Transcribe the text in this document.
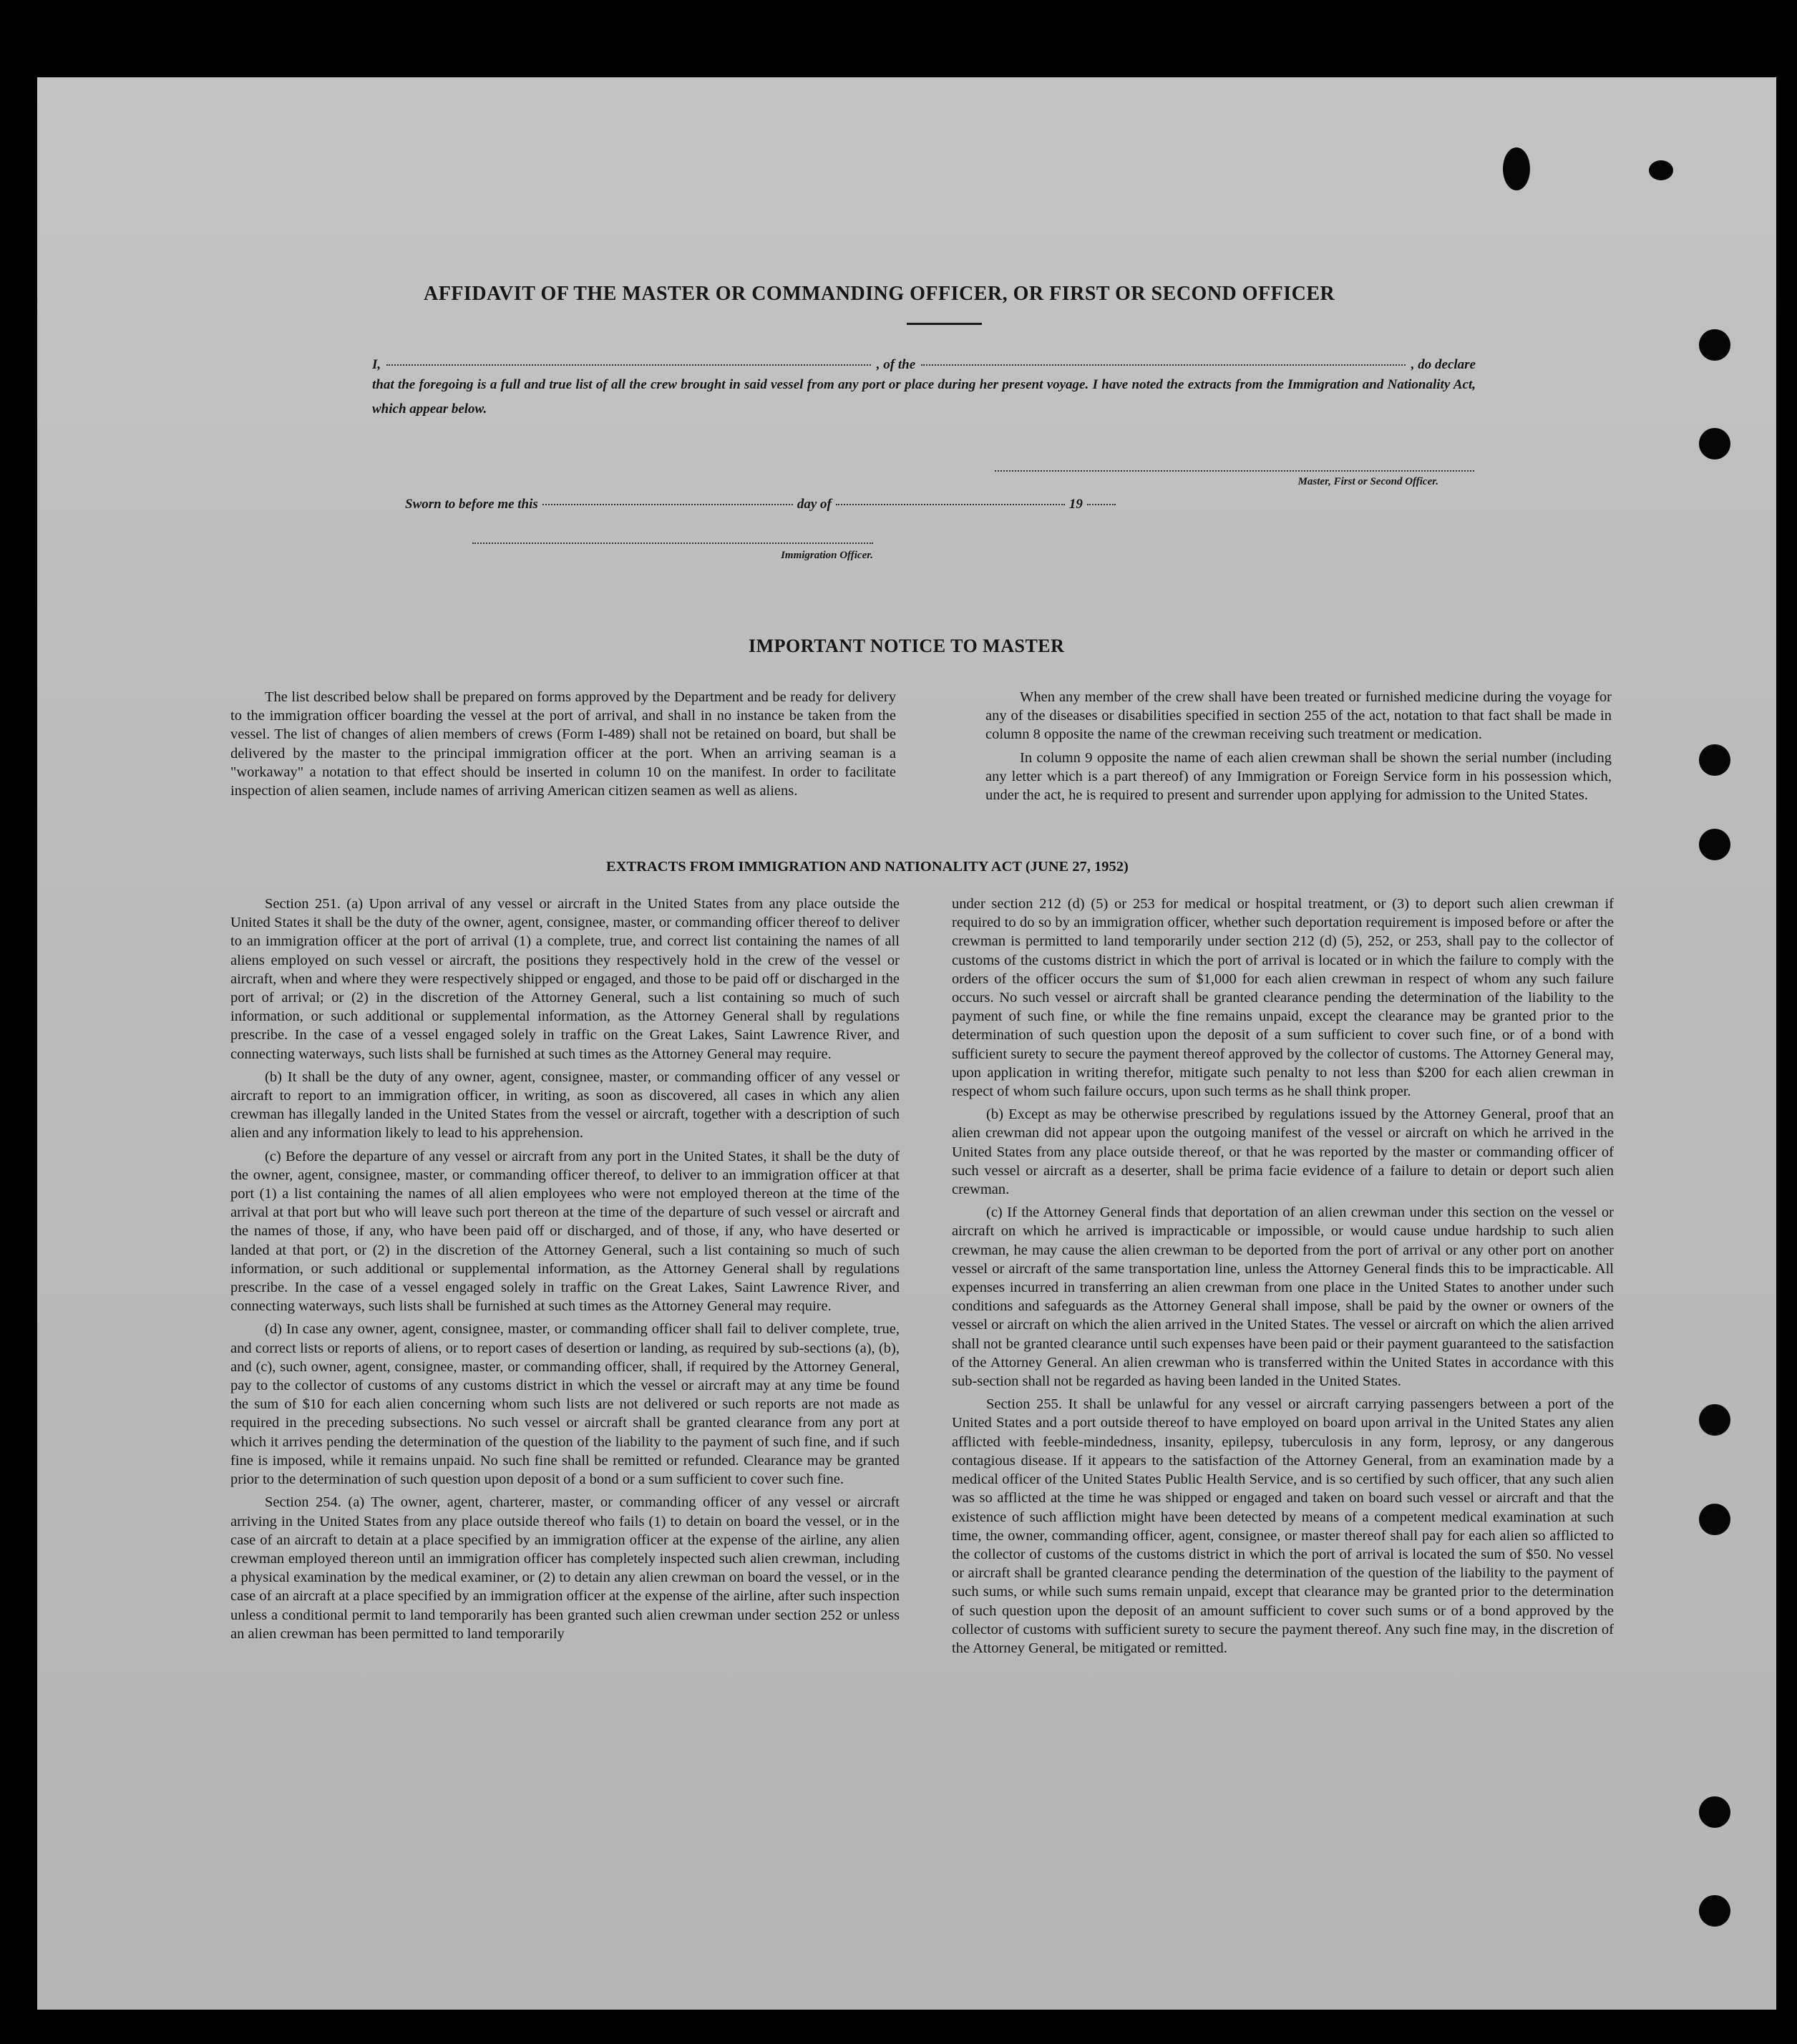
AFFIDAVIT OF THE MASTER OR COMMANDING OFFICER, OR FIRST OR SECOND OFFICER
I,	, of the	, do declare

that the foregoing is a full and true list of all the crew brought in said vessel from any port or place during her present voyage. I have noted the extracts from the Immigration and Nationality Act, which appear below.

Master, First or Second Officer.
Sworn to before me this	day of	19
Immigration Officer.
IMPORTANT NOTICE TO MASTER

The list described below shall be prepared on forms approved by the Department and be ready for delivery to the immigration officer boarding the vessel at the port of arrival, and shall in no instance be taken from the vessel. The list of changes of alien members of crews (Form I-489) shall not be retained on board, but shall be delivered by the master to the principal immigration officer at the port. When an arriving seaman is a "workaway" a notation to that effect should be inserted in column 10 on the manifest. In order to facilitate inspection of alien seamen, include names of arriving American citizen seamen as well as aliens.

When any member of the crew shall have been treated or furnished medicine during the voyage for any of the diseases or disabilities specified in section 255 of the act, notation to that fact shall be made in column 8 opposite the name of the crewman receiving such treatment or medication.

In column 9 opposite the name of each alien crewman shall be shown the serial number (including any letter which is a part thereof) of any Immigration or Foreign Service form in his possession which, under the act, he is required to present and surrender upon applying for admission to the United States.

EXTRACTS FROM IMMIGRATION AND NATIONALITY ACT (JUNE 27, 1952)

Section 251. (a) Upon arrival of any vessel or aircraft in the United States from any place outside the United States it shall be the duty of the owner, agent, consignee, master, or commanding officer thereof to deliver to an immigration officer at the port of arrival (1) a complete, true, and correct list containing the names of all aliens employed on such vessel or aircraft, the positions they respectively hold in the crew of the vessel or aircraft, when and where they were respectively shipped or engaged, and those to be paid off or discharged in the port of arrival; or (2) in the discretion of the Attorney General, such a list containing so much of such information, or such additional or supplemental information, as the Attorney General shall by regulations prescribe. In the case of a vessel engaged solely in traffic on the Great Lakes, Saint Lawrence River, and connecting waterways, such lists shall be furnished at such times as the Attorney General may require.

(b) It shall be the duty of any owner, agent, consignee, master, or commanding officer of any vessel or aircraft to report to an immigration officer, in writing, as soon as discovered, all cases in which any alien crewman has illegally landed in the United States from the vessel or aircraft, together with a description of such alien and any information likely to lead to his apprehension.

(c) Before the departure of any vessel or aircraft from any port in the United States, it shall be the duty of the owner, agent, consignee, master, or commanding officer thereof, to deliver to an immigration officer at that port (1) a list containing the names of all alien employees who were not employed thereon at the time of the arrival at that port but who will leave such port thereon at the time of the departure of such vessel or aircraft and the names of those, if any, who have been paid off or discharged, and of those, if any, who have deserted or landed at that port, or (2) in the discretion of the Attorney General, such a list containing so much of such information, or such additional or supplemental information, as the Attorney General shall by regulations prescribe. In the case of a vessel engaged solely in traffic on the Great Lakes, Saint Lawrence River, and connecting waterways, such lists shall be furnished at such times as the Attorney General may require.

(d) In case any owner, agent, consignee, master, or commanding officer shall fail to deliver complete, true, and correct lists or reports of aliens, or to report cases of desertion or landing, as required by sub-sections (a), (b), and (c), such owner, agent, consignee, master, or commanding officer, shall, if required by the Attorney General, pay to the collector of customs of any customs district in which the vessel or aircraft may at any time be found the sum of $10 for each alien concerning whom such lists are not delivered or such reports are not made as required in the preceding subsections. No such vessel or aircraft shall be granted clearance from any port at which it arrives pending the determination of the question of the liability to the payment of such fine, and if such fine is imposed, while it remains unpaid. No such fine shall be remitted or refunded. Clearance may be granted prior to the determination of such question upon deposit of a bond or a sum sufficient to cover such fine.

Section 254. (a) The owner, agent, charterer, master, or commanding officer of any vessel or aircraft arriving in the United States from any place outside thereof who fails (1) to detain on board the vessel, or in the case of an aircraft to detain at a place specified by an immigration officer at the expense of the airline, any alien crewman employed thereon until an immigration officer has completely inspected such alien crewman, including a physical examination by the medical examiner, or (2) to detain any alien crewman on board the vessel, or in the case of an aircraft at a place specified by an immigration officer at the expense of the airline, after such inspection unless a conditional permit to land temporarily has been granted such alien crewman under section 252 or unless an alien crewman has been permitted to land temporarily

under section 212 (d) (5) or 253 for medical or hospital treatment, or (3) to deport such alien crewman if required to do so by an immigration officer, whether such deportation requirement is imposed before or after the crewman is permitted to land temporarily under section 212 (d) (5), 252, or 253, shall pay to the collector of customs of the customs district in which the port of arrival is located or in which the failure to comply with the orders of the officer occurs the sum of $1,000 for each alien crewman in respect of whom any such failure occurs. No such vessel or aircraft shall be granted clearance pending the determination of the liability to the payment of such fine, or while the fine remains unpaid, except the clearance may be granted prior to the determination of such question upon the deposit of a sum sufficient to cover such fine, or of a bond with sufficient surety to secure the payment thereof approved by the collector of customs. The Attorney General may, upon application in writing therefor, mitigate such penalty to not less than $200 for each alien crewman in respect of whom such failure occurs, upon such terms as he shall think proper.

(b) Except as may be otherwise prescribed by regulations issued by the Attorney General, proof that an alien crewman did not appear upon the outgoing manifest of the vessel or aircraft on which he arrived in the United States from any place outside thereof, or that he was reported by the master or commanding officer of such vessel or aircraft as a deserter, shall be prima facie evidence of a failure to detain or deport such alien crewman.

(c) If the Attorney General finds that deportation of an alien crewman under this section on the vessel or aircraft on which he arrived is impracticable or impossible, or would cause undue hardship to such alien crewman, he may cause the alien crewman to be deported from the port of arrival or any other port on another vessel or aircraft of the same transportation line, unless the Attorney General finds this to be impracticable. All expenses incurred in transferring an alien crewman from one place in the United States to another under such conditions and safeguards as the Attorney General shall impose, shall be paid by the owner or owners of the vessel or aircraft on which the alien arrived in the United States. The vessel or aircraft on which the alien arrived shall not be granted clearance until such expenses have been paid or their payment guaranteed to the satisfaction of the Attorney General. An alien crewman who is transferred within the United States in accordance with this sub-section shall not be regarded as having been landed in the United States.

Section 255. It shall be unlawful for any vessel or aircraft carrying passengers between a port of the United States and a port outside thereof to have employed on board upon arrival in the United States any alien afflicted with feeble-mindedness, insanity, epilepsy, tuberculosis in any form, leprosy, or any dangerous contagious disease. If it appears to the satisfaction of the Attorney General, from an examination made by a medical officer of the United States Public Health Service, and is so certified by such officer, that any such alien was so afflicted at the time he was shipped or engaged and taken on board such vessel or aircraft and that the existence of such affliction might have been detected by means of a competent medical examination at such time, the owner, commanding officer, agent, consignee, or master thereof shall pay for each alien so afflicted to the collector of customs of the customs district in which the port of arrival is located the sum of $50. No vessel or aircraft shall be granted clearance pending the determination of the question of the liability to the payment of such sums, or while such sums remain unpaid, except that clearance may be granted prior to the determination of such question upon the deposit of an amount sufficient to cover such sums or of a bond approved by the collector of customs with sufficient surety to secure the payment thereof. Any such fine may, in the discretion of the Attorney General, be mitigated or remitted.
